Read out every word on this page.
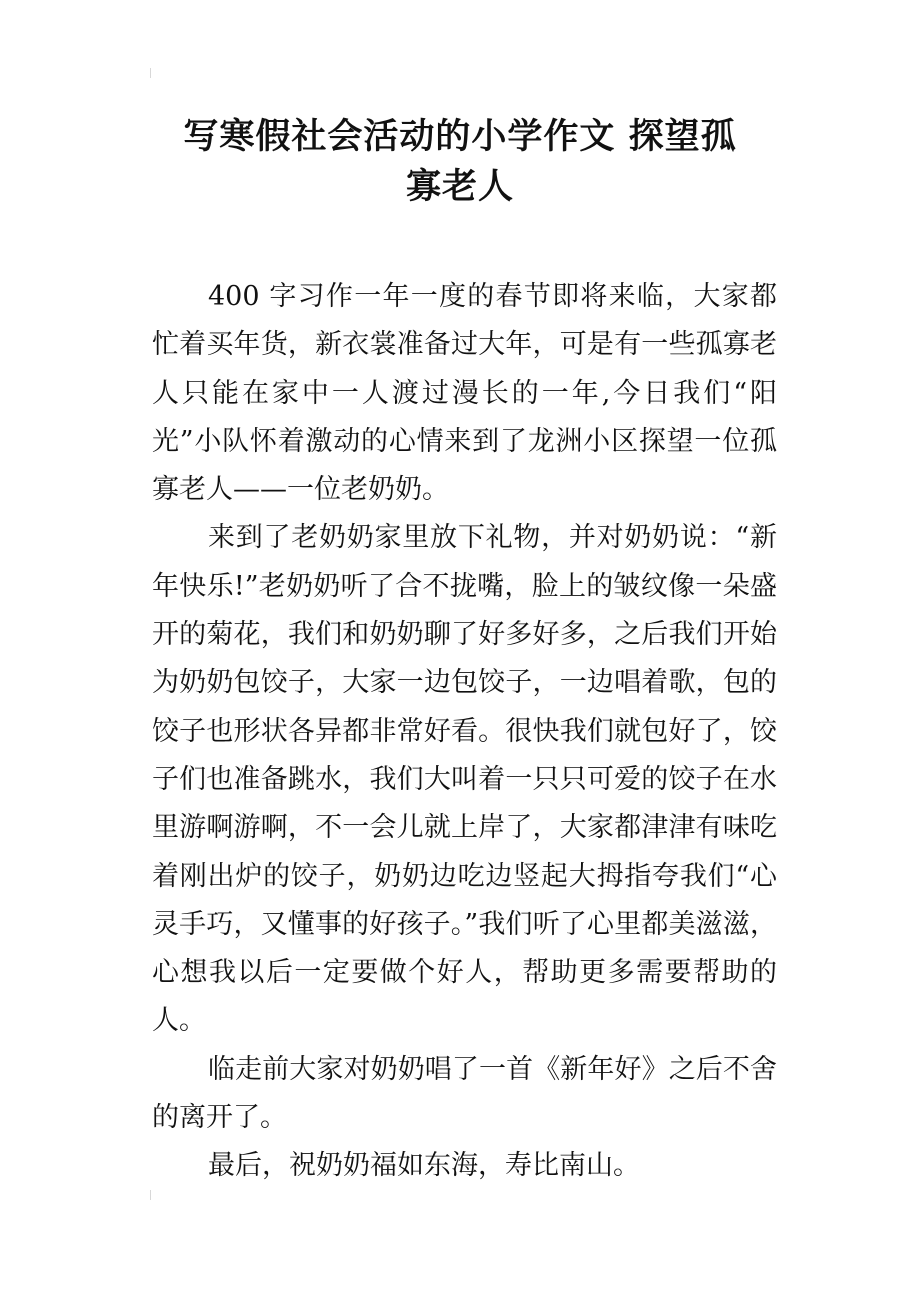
写寒假社会活动的小学作文 探望孤
寡老人

400 字习作一年一度的春节即将来临，大家都忙着买年货，新衣裳准备过大年，可是有一些孤寡老人只能在家中一人渡过漫长的一年,今日我们“阳光”小队怀着激动的心情来到了龙洲小区探望一位孤寡老人——一位老奶奶。

来到了老奶奶家里放下礼物，并对奶奶说：“新年快乐!”老奶奶听了合不拢嘴，脸上的皱纹像一朵盛开的菊花，我们和奶奶聊了好多好多，之后我们开始为奶奶包饺子，大家一边包饺子，一边唱着歌，包的饺子也形状各异都非常好看。很快我们就包好了，饺子们也准备跳水，我们大叫着一只只可爱的饺子在水里游啊游啊，不一会儿就上岸了，大家都津津有味吃着刚出炉的饺子，奶奶边吃边竖起大拇指夸我们“心灵手巧，又懂事的好孩子。”我们听了心里都美滋滋，心想我以后一定要做个好人，帮助更多需要帮助的人。

临走前大家对奶奶唱了一首《新年好》之后不舍的离开了。

最后，祝奶奶福如东海，寿比南山。
